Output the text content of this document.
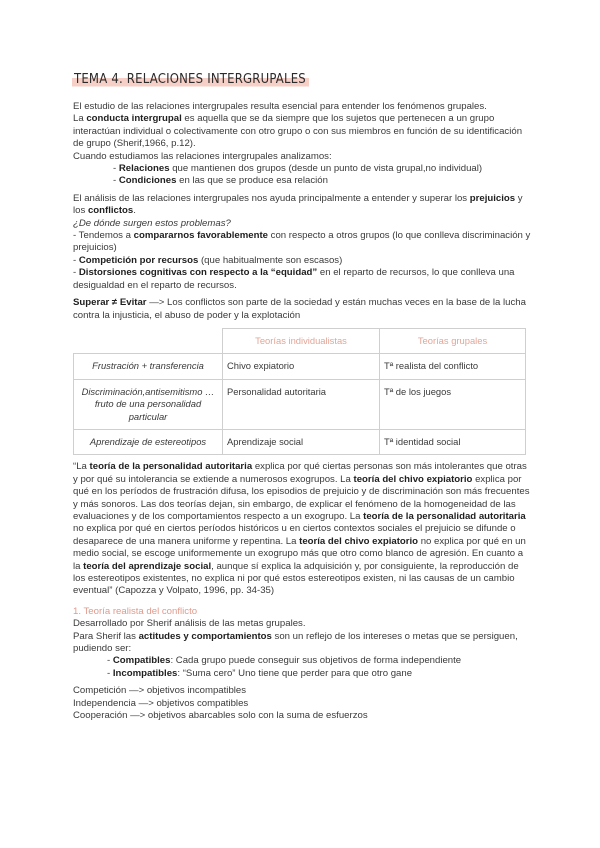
TEMA 4. RELACIONES INTERGRUPALES

El estudio de las relaciones intergrupales resulta esencial para entender los fenómenos grupales.

La conducta intergrupal es aquella que se da siempre que los sujetos que pertenecen a un grupo interactúan individual o colectivamente con otro grupo o con sus miembros en función de su identificación de grupo (Sherif,1966, p.12).

Cuando estudiamos las relaciones intergrupales analizamos:

- Relaciones que mantienen dos grupos (desde un punto de vista grupal,no individual)

- Condiciones en las que se produce esa relación

El análisis de las relaciones intergrupales nos ayuda principalmente a entender y superar los prejuicios y los conflictos.

¿De dónde surgen estos problemas?

- Tendemos a compararnos favorablemente con respecto a otros grupos (lo que conlleva discriminación y prejuicios)

- Competición por recursos (que habitualmente son escasos)

- Distorsiones cognitivas con respecto a la “equidad” en el reparto de recursos, lo que conlleva una desigualdad en el reparto de recursos.

Superar ≠ Evitar —> Los conflictos son parte de la sociedad y están muchas veces en la base de la lucha contra la injusticia, el abuso de poder y la explotación

	Teorías individualistas	Teorías grupales
Frustración + transferencia	Chivo expiatorio	Tª realista del conflicto
Discriminación,antisemitismo … fruto de una personalidad particular	Personalidad autoritaria	Tª de los juegos
Aprendizaje de estereotipos	Aprendizaje social	Tª identidad social

“La teoría de la personalidad autoritaria explica por qué ciertas personas son más intolerantes que otras y por qué su intolerancia se extiende a numerosos exogrupos. La teoría del chivo expiatorio explica por qué en los períodos de frustración difusa, los episodios de prejuicio y de discriminación son más frecuentes y más sonoros. Las dos teorías dejan, sin embargo, de explicar el fenómeno de la homogeneidad de las evaluaciones y de los comportamientos respecto a un exogrupo. La teoría de la personalidad autoritaria no explica por qué en ciertos períodos históricos u en ciertos contextos sociales el prejuicio se difunde o desaparece de una manera uniforme y repentina. La teoría del chivo expiatorio no explica por qué en un medio social, se escoge uniformemente un exogrupo más que otro como blanco de agresión. En cuanto a la teoría del aprendizaje social, aunque sí explica la adquisición y, por consiguiente, la reproducción de los estereotipos existentes, no explica ni por qué estos estereotipos existen, ni las causas de un cambio eventual” (Capozza y Volpato, 1996, pp. 34-35)

1. Teoría realista del conflicto

Desarrollado por Sherif análisis de las metas grupales.

Para Sherif las actitudes y comportamientos son un reflejo de los intereses o metas que se persiguen, pudiendo ser:

- Compatibles: Cada grupo puede conseguir sus objetivos de forma independiente

- Incompatibles: “Suma cero” Uno tiene que perder para que otro gane

Competición —> objetivos incompatibles

Independencia —> objetivos compatibles

Cooperación —> objetivos abarcables solo con la suma de esfuerzos
